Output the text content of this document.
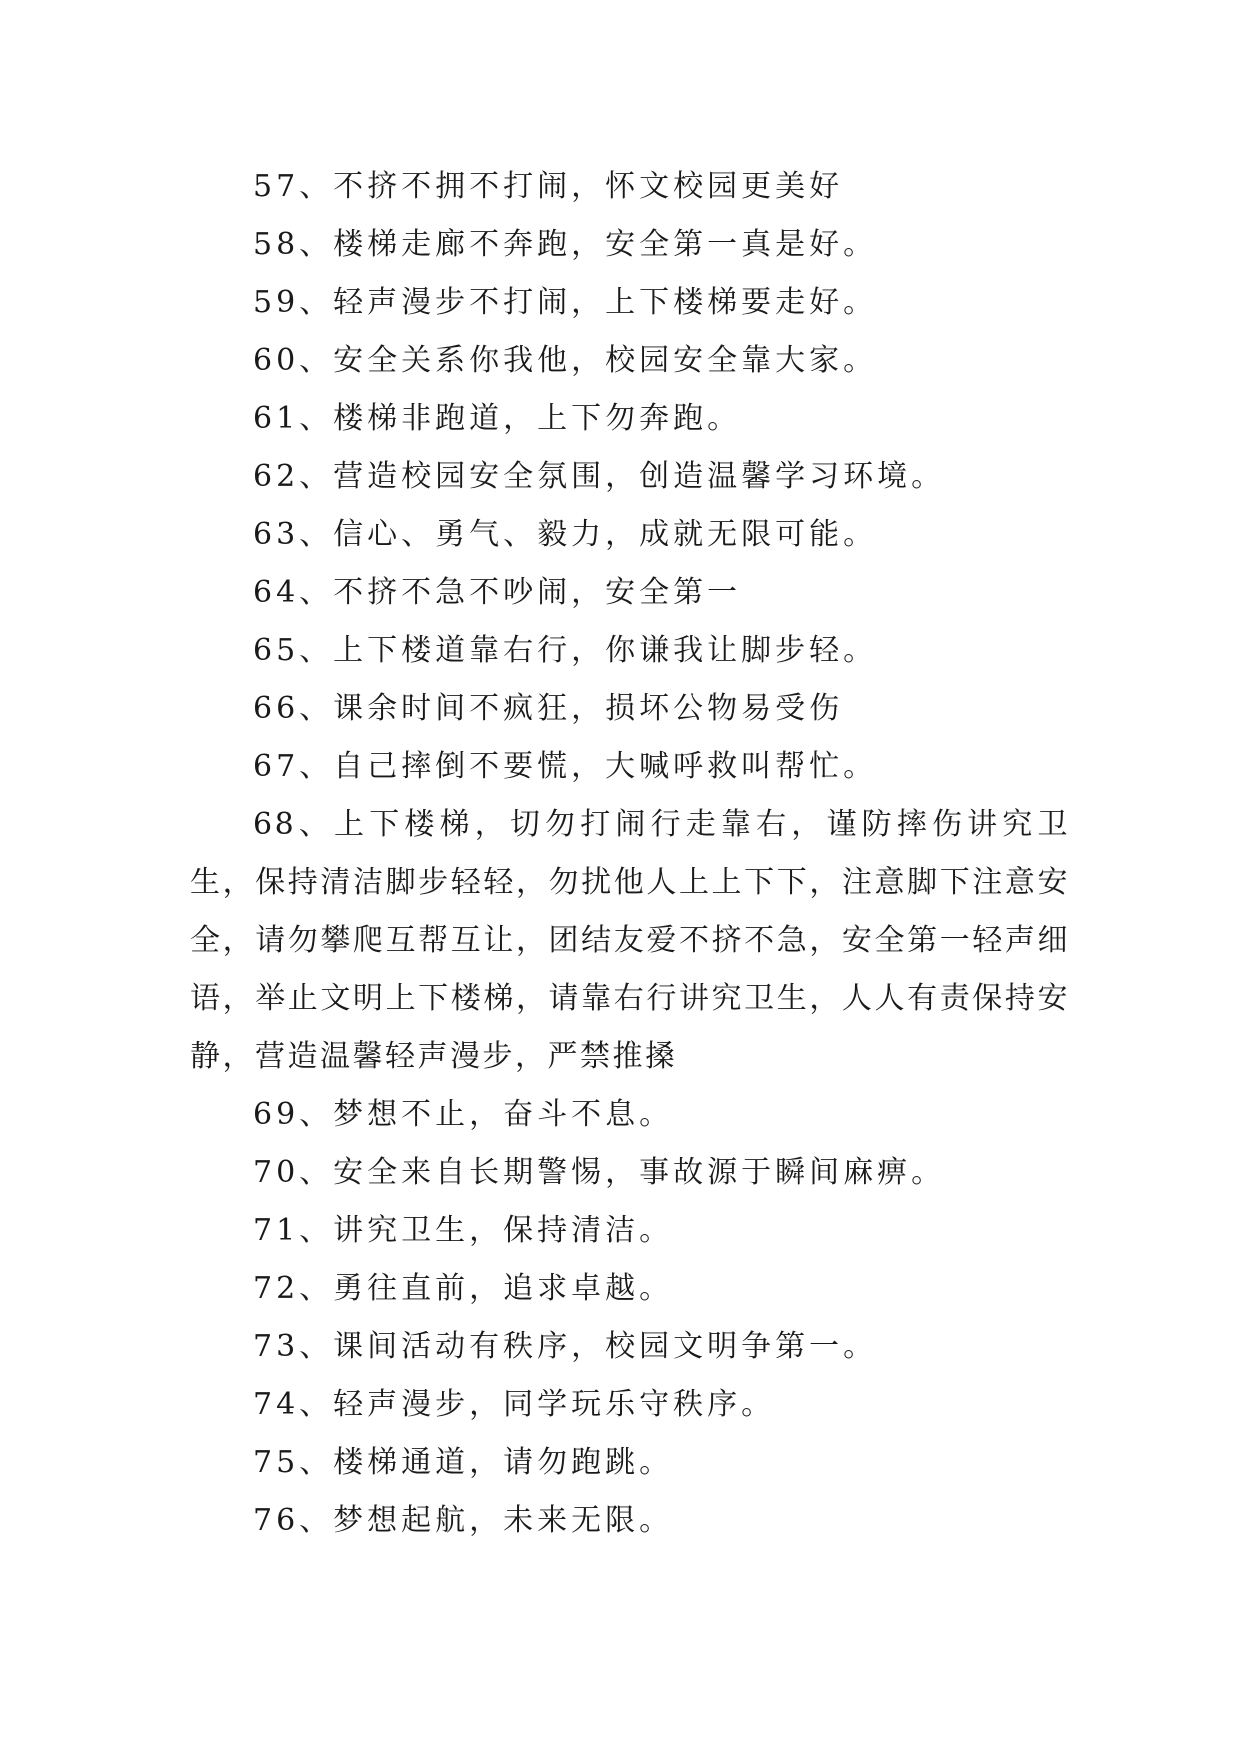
57、不挤不拥不打闹，怀文校园更美好

58、楼梯走廊不奔跑，安全第一真是好。

59、轻声漫步不打闹，上下楼梯要走好。

60、安全关系你我他，校园安全靠大家。

61、楼梯非跑道，上下勿奔跑。

62、营造校园安全氛围，创造温馨学习环境。

63、信心、勇气、毅力，成就无限可能。

64、不挤不急不吵闹，安全第一

65、上下楼道靠右行，你谦我让脚步轻。

66、课余时间不疯狂，损坏公物易受伤

67、自己摔倒不要慌，大喊呼救叫帮忙。

68、上下楼梯，切勿打闹行走靠右，谨防摔伤讲究卫生，保持清洁脚步轻轻，勿扰他人上上下下，注意脚下注意安全，请勿攀爬互帮互让，团结友爱不挤不急，安全第一轻声细语，举止文明上下楼梯，请靠右行讲究卫生，人人有责保持安静，营造温馨轻声漫步，严禁推搡

69、梦想不止，奋斗不息。

70、安全来自长期警惕，事故源于瞬间麻痹。

71、讲究卫生，保持清洁。

72、勇往直前，追求卓越。

73、课间活动有秩序，校园文明争第一。

74、轻声漫步，同学玩乐守秩序。

75、楼梯通道，请勿跑跳。

76、梦想起航，未来无限。
